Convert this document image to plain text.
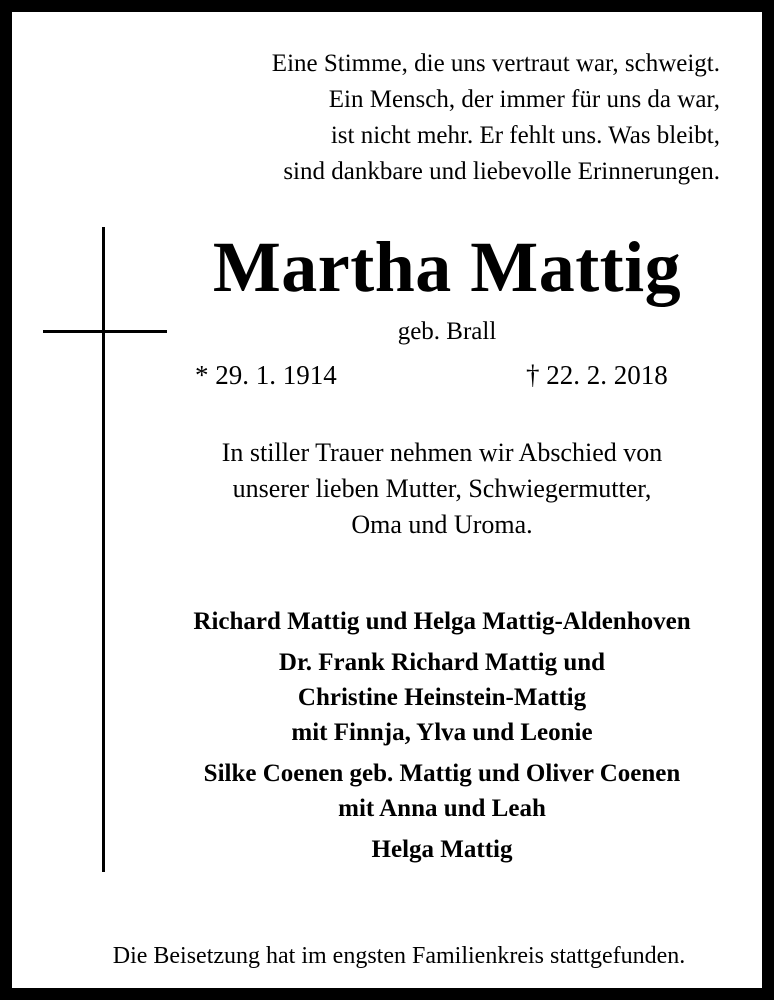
Eine Stimme, die uns vertraut war, schweigt.
Ein Mensch, der immer für uns da war,
ist nicht mehr. Er fehlt uns. Was bleibt,
sind dankbare und liebevolle Erinnerungen.
Martha Mattig
geb. Brall
* 29. 1. 1914	† 22. 2. 2018
In stiller Trauer nehmen wir Abschied von
unserer lieben Mutter, Schwiegermutter,
Oma und Uroma.
Richard Mattig und Helga Mattig-Aldenhoven
Dr. Frank Richard Mattig und
Christine Heinstein-Mattig
mit Finnja, Ylva und Leonie
Silke Coenen geb. Mattig und Oliver Coenen
mit Anna und Leah
Helga Mattig
Die Beisetzung hat im engsten Familienkreis stattgefunden.
